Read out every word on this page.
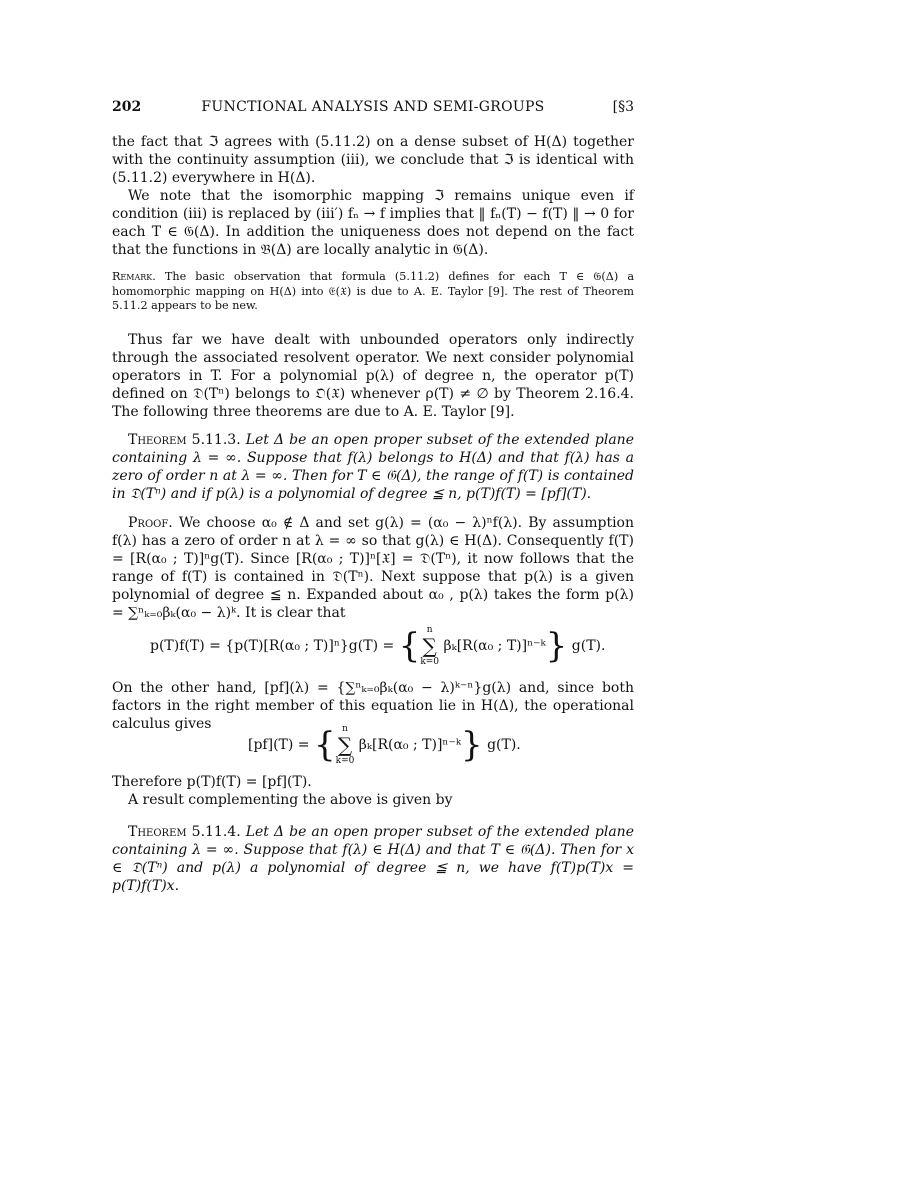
202	FUNCTIONAL ANALYSIS AND SEMI-GROUPS	[§3
the fact that ℑ agrees with (5.11.2) on a dense subset of H(Δ) together with the continuity assumption (iii), we conclude that ℑ is identical with (5.11.2) everywhere in H(Δ).
We note that the isomorphic mapping ℑ remains unique even if condition (iii) is replaced by (iii′) fₙ → f implies that ‖ fₙ(T) − f(T) ‖ → 0 for each T ∈ 𝔊(Δ). In addition the uniqueness does not depend on the fact that the functions in 𝔅(Δ) are locally analytic in 𝔊(Δ).
Remark. The basic observation that formula (5.11.2) defines for each T ∈ 𝔊(Δ) a homomorphic mapping on H(Δ) into 𝔈(𝔛) is due to A. E. Taylor [9]. The rest of Theorem 5.11.2 appears to be new.
Thus far we have dealt with unbounded operators only indirectly through the associated resolvent operator. We next consider polynomial operators in T. For a polynomial p(λ) of degree n, the operator p(T) defined on 𝔇(Tⁿ) belongs to 𝔒(𝔛) whenever ρ(T) ≠ ∅ by Theorem 2.16.4. The following three theorems are due to A. E. Taylor [9].
Theorem 5.11.3. Let Δ be an open proper subset of the extended plane containing λ = ∞. Suppose that f(λ) belongs to H(Δ) and that f(λ) has a zero of order n at λ = ∞. Then for T ∈ 𝔊(Δ), the range of f(T) is contained in 𝔇(Tⁿ) and if p(λ) is a polynomial of degree ≦ n, p(T)f(T) = [pf](T).
Proof. We choose α₀ ∉ Δ and set g(λ) = (α₀ − λ)ⁿf(λ). By assumption f(λ) has a zero of order n at λ = ∞ so that g(λ) ∈ H(Δ). Consequently f(T) = [R(α₀ ; T)]ⁿg(T). Since [R(α₀ ; T)]ⁿ[𝔛] = 𝔇(Tⁿ), it now follows that the range of f(T) is contained in 𝔇(Tⁿ). Next suppose that p(λ) is a given polynomial of degree ≦ n. Expanded about α₀ , p(λ) takes the form p(λ) = ∑ⁿₖ₌₀βₖ(α₀ − λ)ᵏ. It is clear that
p(T)f(T) = {p(T)[R(α₀ ; T)]ⁿ}g(T) = { n
∑
k=0
βₖ[R(α₀ ; T)]ⁿ⁻ᵏ} g(T).
On the other hand, [pf](λ) = {∑ⁿₖ₌₀βₖ(α₀ − λ)ᵏ⁻ⁿ}g(λ) and, since both factors in the right member of this equation lie in H(Δ), the operational calculus gives
[pf](T) = { n
∑
k=0
βₖ[R(α₀ ; T)]ⁿ⁻ᵏ} g(T).
Therefore p(T)f(T) = [pf](T).
A result complementing the above is given by
Theorem 5.11.4. Let Δ be an open proper subset of the extended plane containing λ = ∞. Suppose that f(λ) ∈ H(Δ) and that T ∈ 𝔊(Δ). Then for x ∈ 𝔇(Tⁿ) and p(λ) a polynomial of degree ≦ n, we have f(T)p(T)x = p(T)f(T)x.
